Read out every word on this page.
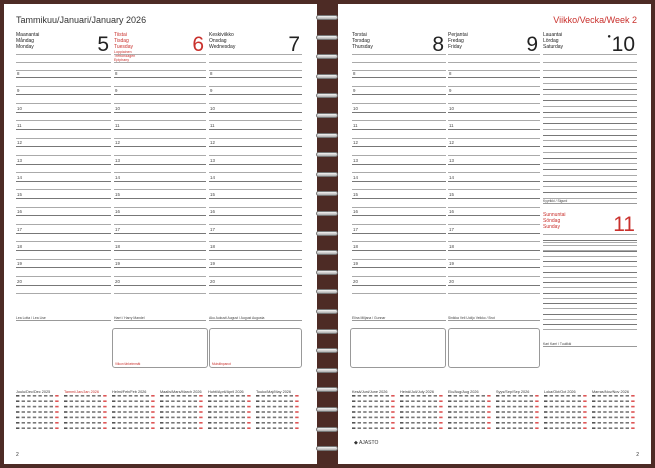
Tammikuu/Januari/January 2026
Maanantai
Måndag
Monday	5
8
9
10
11
12
13
14
15
16
17
18
19
20
Lea Lotta / Lea Lise
Tiistai
Tisdag
Tuesday
Loppiainen
Trettondagen
Epiphany
6
8
9
10
11
12
13
14
15
16
17
18
19
20
Harri / Harry Mandel
Keskiviikko
Onsdag
Wednesday	7
8
9
10
11
12
13
14
15
16
17
18
19
20
Aku Aukusti August / August Augusta
Viikon tärkeimmät	Muistiinpanot
Joulu/Dec/Dec 2025	Tammi/Jan/Jan 2026	Helmi/Feb/Feb 2026	Maalis/Mars/March 2026	Huhti/April/April 2026	Touko/Maj/May 2026
2
Viikko/Vecka/Week 2
Torstai
Torsdag
Thursday	8
8
9
10
11
12
13
14
15
16
17
18
19
20
Elina Miljana / Gunnar
Perjantai
Fredag
Friday	9
8
9
10
11
12
13
14
15
16
17
18
19
20
Sinikka Veli Uolijo Veikko / Brut
Lauantai
Lördag
Saturday
● 10
Kyyrikki / Sigurd
Sunnuntai
Söndag
Sunday	11
Kari Karri / Tuulikki
Kesä/Juni/June 2026	Heinä/Juli/July 2026	Elo/Aug/Aug 2026	Syys/Sep/Sep 2026	Loka/Okt/Oct 2026	Marras/Nov/Nov 2026
◆ AJASTO
2
